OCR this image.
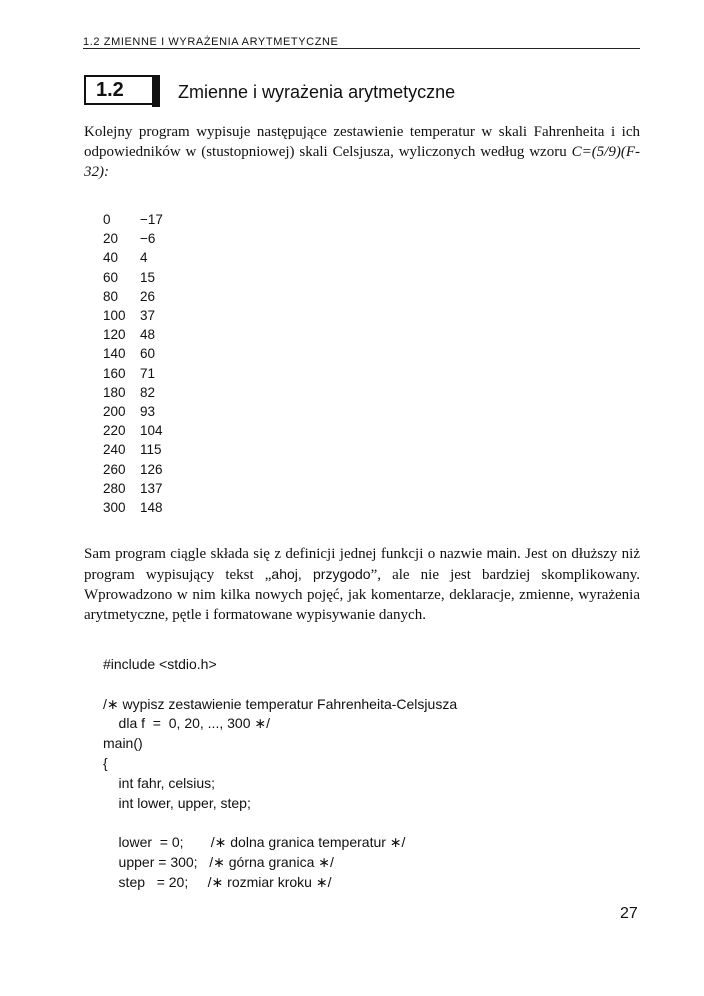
1.2 ZMIENNE I WYRAŻENIA ARYTMETYCZNE
1.2	Zmienne i wyrażenia arytmetyczne
Kolejny program wypisuje następujące zestawienie temperatur w skali Fahrenheita i ich odpowiedników w (stustopniowej) skali Celsjusza, wyliczonych według wzoru C=(5/9)(F-32):
0	−17
20	−6
40	4
60	15
80	26
100	37
120	48
140	60
160	71
180	82
200	93
220	104
240	115
260	126
280	137
300	148
Sam program ciągle składa się z definicji jednej funkcji o nazwie main. Jest on dłuższy niż program wypisujący tekst „ahoj, przygodo”, ale nie jest bardziej skomplikowany. Wprowadzono w nim kilka nowych pojęć, jak komentarze, deklaracje, zmienne, wyrażenia arytmetyczne, pętle i formatowane wypisywanie danych.
#include <stdio.h>
/∗ wypisz zestawienie temperatur Fahrenheita-Celsjusza
dla f  =  0, 20, ..., 300 ∗/
main()
{
int fahr, celsius;
int lower, upper, step;
lower  = 0;       /∗ dolna granica temperatur ∗/
upper = 300;   /∗ górna granica ∗/
step   = 20;     /∗ rozmiar kroku ∗/
27
